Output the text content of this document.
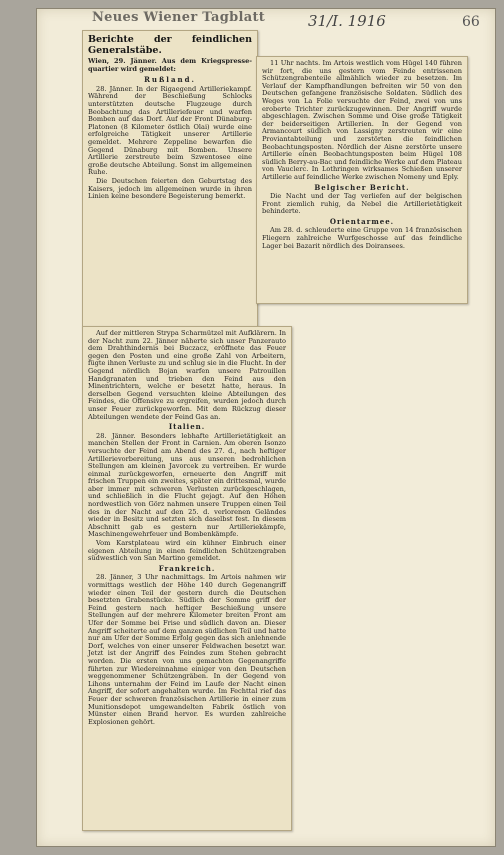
Neues Wiener Tagblatt	31/I. 1916	66
Berichte der feindlichen Generalstäbe.

Wien, 29. Jänner. Aus dem Kriegspresse-quartier wird gemeldet:

Rußland.

28. Jänner. In der Rigaegend Artilleriekampf. Während der Beschießung Schlocks unterstützten deutsche Flugzeuge durch Beobachtung das Artilleriefeuer und warfen Bomben auf das Dorf. Auf der Front Dünaburg-Platonen (8 Kilometer östlich Olai) wurde eine erfolgreiche Tätigkeit unserer Artillerie gemeldet. Mehrere Zeppeline bewarfen die Gegend Dünaburg mit Bomben. Unsere Artillerie zerstreute beim Szwentosee eine große deutsche Abteilung. Sonst im allgemeinen Ruhe.

Die Deutschen feierten den Geburtstag des Kaisers, jedoch im allgemeinen wurde in ihren Linien keine besondere Begeisterung bemerkt.

Auf der mittleren Strypa Scharmützel mit Aufklärern. In der Nacht zum 22. Jänner näherte sich unser Panzerauto dem Drahthindernis bei Buczacz, eröffnete das Feuer gegen den Posten und eine große Zahl von Arbeitern, fügte ihnen Verluste zu und schlug sie in die Flucht. In der Gegend nördlich Bojan warfen unsere Patrouillen Handgranaten und trieben den Feind aus den Minentrichtern, welche er besetzt hatte, heraus. In derselben Gegend versuchten kleine Abteilungen des Feindes, die Offensive zu ergreifen, wurden jedoch durch unser Feuer zurückgeworfen. Mit dem Rückzug dieser Abteilungen wendete der Feind Gas an.

Italien.

28. Jänner. Besonders lebhafte Artillerietätigkeit an manchen Stellen der Front in Carnien. Am oberen Isonzo versuchte der Feind am Abend des 27. d., nach heftiger Artillerievorbereitung, uns aus unseren bedrohlichen Stellungen am kleinen Javorcek zu vertreiben. Er wurde einmal zurückgeworfen, erneuerte den Angriff mit frischen Truppen ein zweites, später ein drittesmal, wurde aber immer mit schweren Verlusten zurückgeschlagen, und schließlich in die Flucht gejagt. Auf den Höhen nordwestlich von Görz nahmen unsere Truppen einen Teil des in der Nacht auf den 25. d. verlorenen Geländes wieder in Besitz und setzten sich daselbst fest. In diesem Abschnitt gab es gestern nur Artilleriekämpfe, Maschinengewehrfeuer und Bombenkämpfe.

Vom Karstplateau wird ein kühner Einbruch einer eigenen Abteilung in einen feindlichen Schützengraben südwestlich von San Martino gemeldet.

Frankreich.

28. Jänner, 3 Uhr nachmittags. Im Artois nahmen wir vormittags westlich der Höhe 140 durch Gegenangriff wieder einen Teil der gestern durch die Deutschen besetzten Grabenstücke. Südlich der Somme griff der Feind gestern nach heftiger Beschießung unsere Stellungen auf der mehrere Kilometer breiten Front am Ufer der Somme bei Frise und südlich davon an. Dieser Angriff scheiterte auf dem ganzen südlichen Teil und hatte nur am Ufer der Somme Erfolg gegen das sich anlehnende Dorf, welches von einer unserer Feldwachen besetzt war. Jetzt ist der Angriff des Feindes zum Stehen gebracht worden. Die ersten von uns gemachten Gegenangriffe führten zur Wiedereinnahme einiger von den Deutschen weggenommener Schützengräben. In der Gegend von Lihons unternahm der Feind im Laufe der Nacht einen Angriff, der sofort angehalten wurde. Im Fechttal rief das Feuer der schweren französischen Artillerie in einer zum Munitionsdepot umgewandelten Fabrik östlich von Münster einen Brand hervor. Es wurden zahlreiche Explosionen gehört.

11 Uhr nachts. Im Artois westlich vom Hügel 140 führen wir fort, die uns gestern vom Feinde entrissenen Schützengrabenteile allmählich wieder zu besetzen. Im Verlauf der Kampfhandlungen befreiten wir 50 von den Deutschen gefangene französische Soldaten. Südlich des Weges von La Folie versuchte der Feind, zwei von uns eroberte Trichter zurückzugewinnen. Der Angriff wurde abgeschlagen. Zwischen Somme und Oise große Tätigkeit der beiderseitigen Artillerien. In der Gegend von Armancourt südlich von Lassigny zerstreuten wir eine Proviantabteilung und zerstörten die feindlichen Beobachtungsposten. Nördlich der Aisne zerstörte unsere Artillerie einen Beobachtungsposten beim Hügel 108 südlich Berry-au-Bac und feindliche Werke auf dem Plateau von Vauclerc. In Lothringen wirksames Schießen unserer Artillerie auf feindliche Werke zwischen Nomeny und Eply.

Belgischer Bericht.

Die Nacht und der Tag verliefen auf der belgischen Front ziemlich ruhig, da Nebel die Artillerietätigkeit behinderte.

Orientarmee.

Am 28. d. schleuderte eine Gruppe von 14 französischen Fliegern zahlreiche Wurfgeschosse auf das feindliche Lager bei Bazarit nördlich des Doiransees.
